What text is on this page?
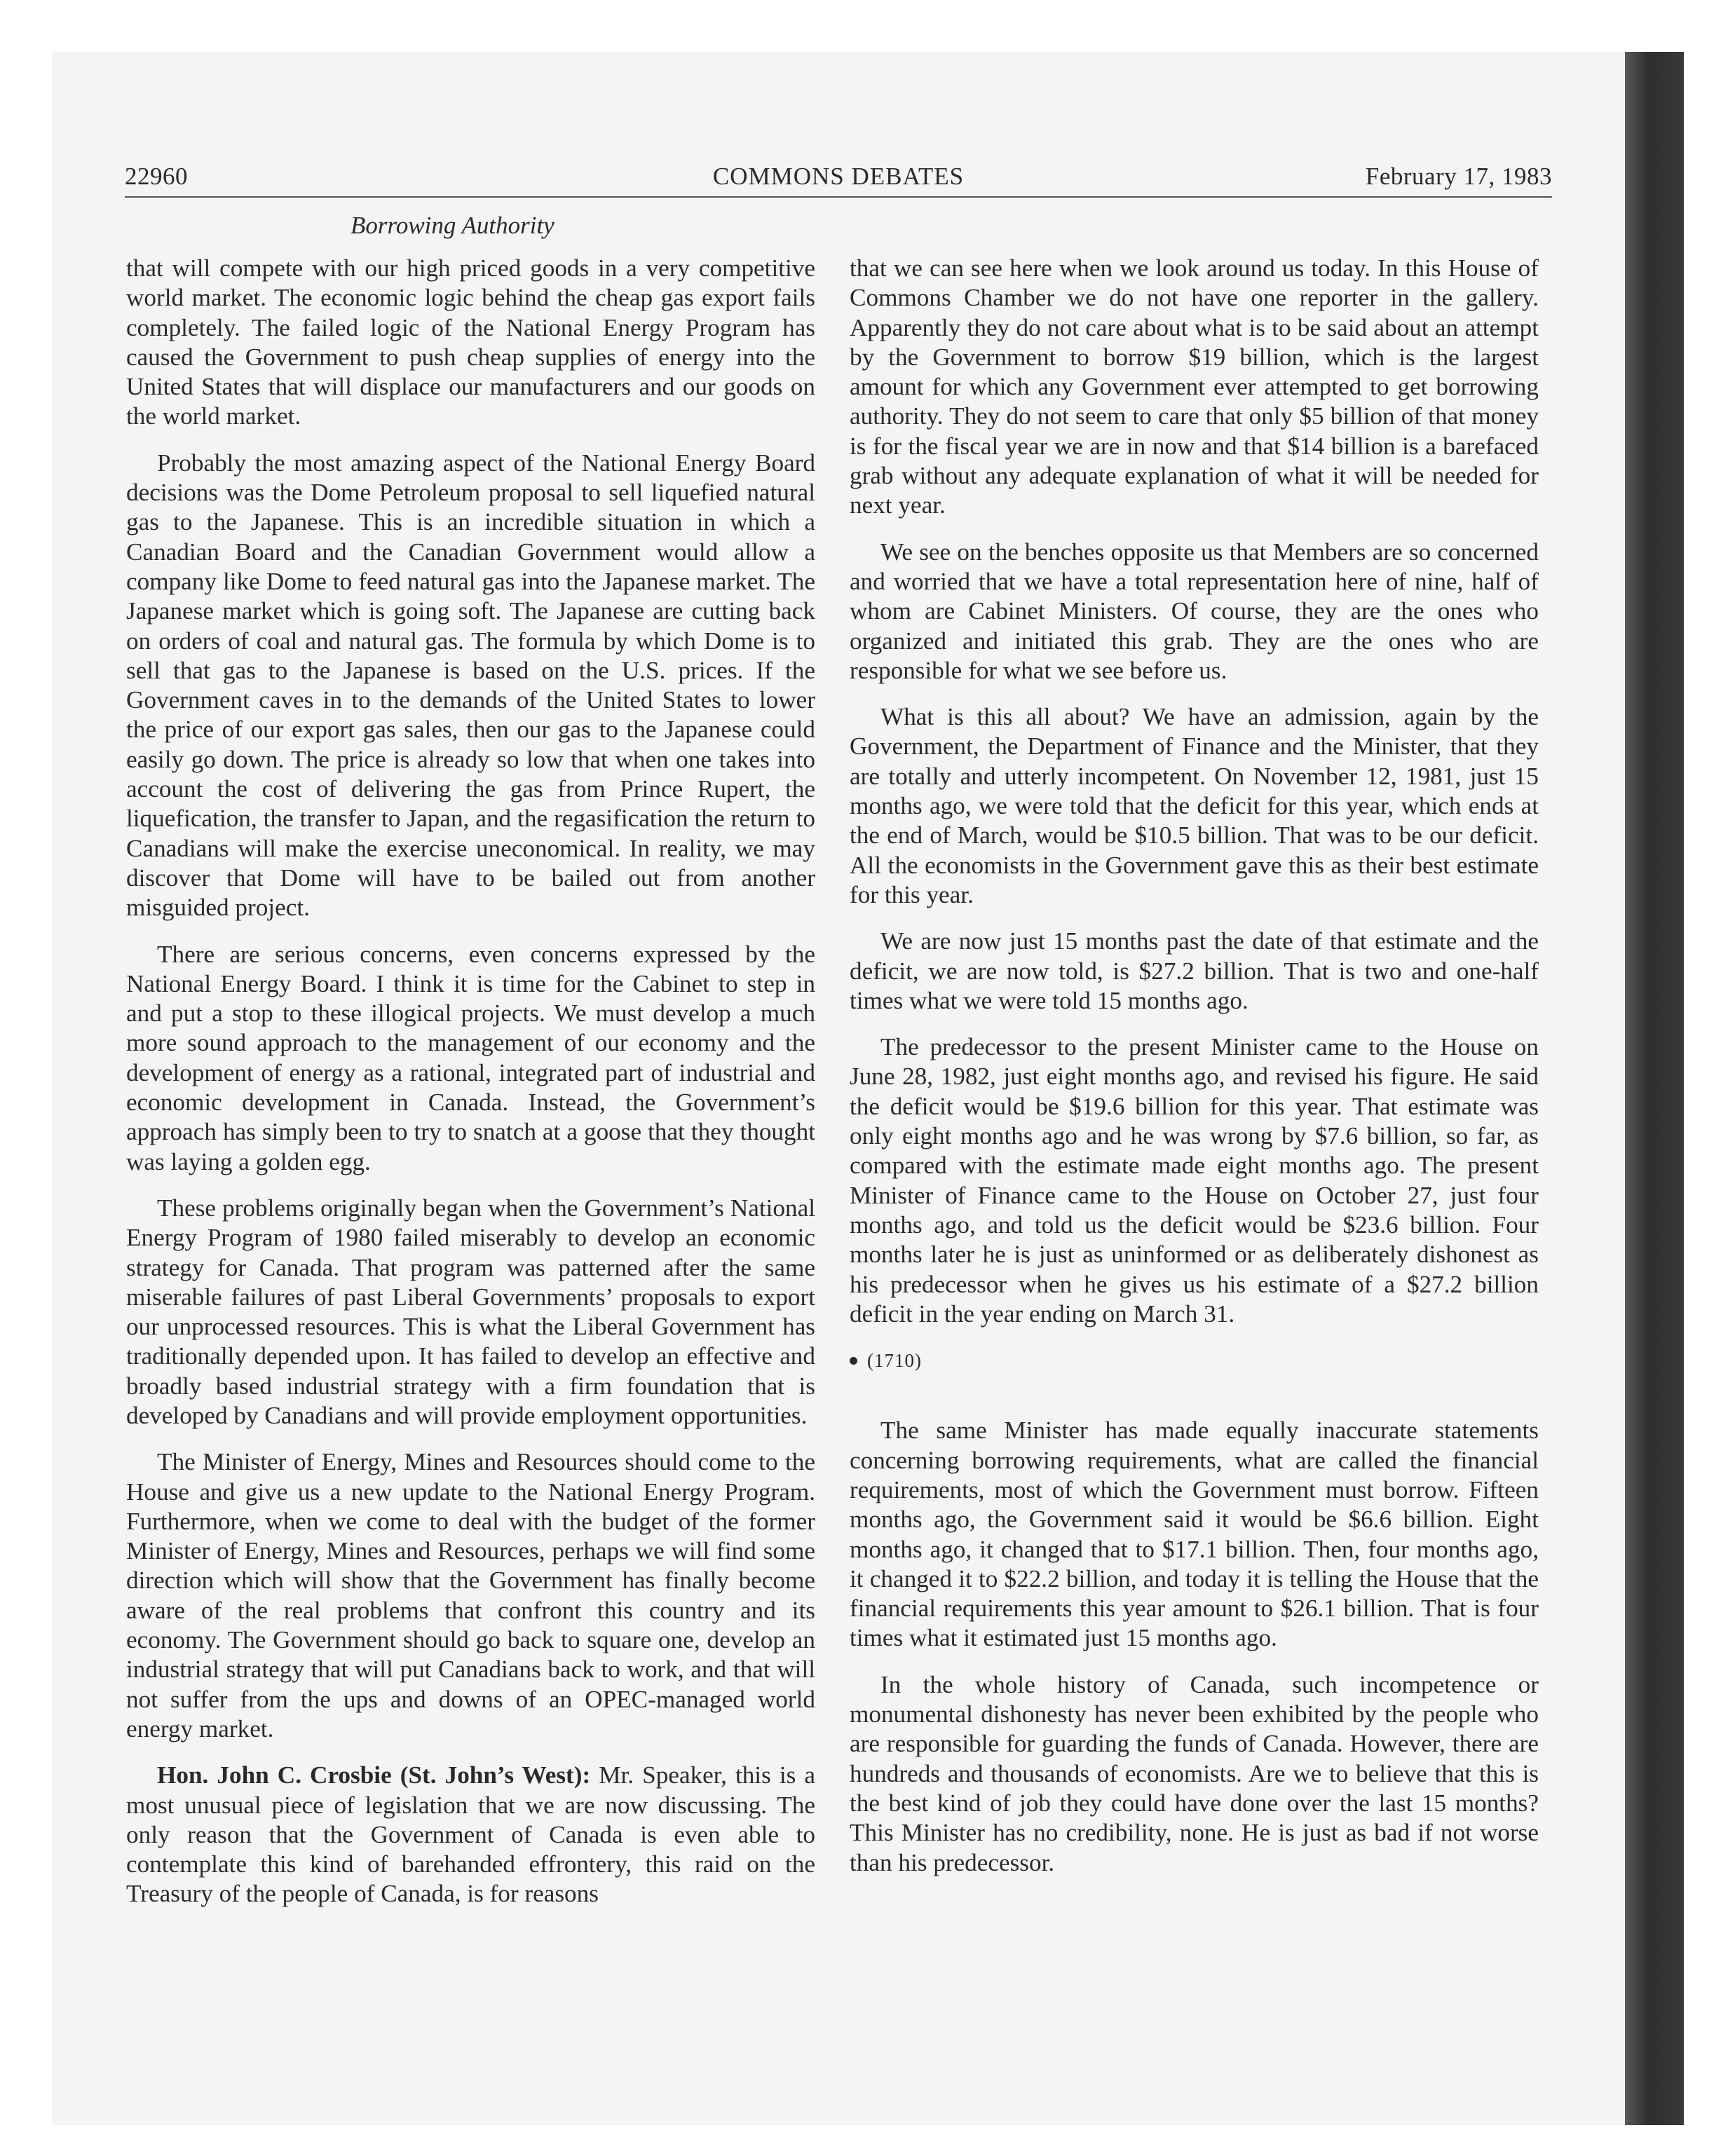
22960	COMMONS DEBATES	February 17, 1983
Borrowing Authority

that will compete with our high priced goods in a very competitive world market. The economic logic behind the cheap gas export fails completely. The failed logic of the National Energy Program has caused the Government to push cheap supplies of energy into the United States that will displace our manufacturers and our goods on the world market.

Probably the most amazing aspect of the National Energy Board decisions was the Dome Petroleum proposal to sell liquefied natural gas to the Japanese. This is an incredible situation in which a Canadian Board and the Canadian Government would allow a company like Dome to feed natural gas into the Japanese market. The Japanese market which is going soft. The Japanese are cutting back on orders of coal and natural gas. The formula by which Dome is to sell that gas to the Japanese is based on the U.S. prices. If the Government caves in to the demands of the United States to lower the price of our export gas sales, then our gas to the Japanese could easily go down. The price is already so low that when one takes into account the cost of delivering the gas from Prince Rupert, the liquefication, the transfer to Japan, and the regasification the return to Canadians will make the exercise uneconomical. In reality, we may discover that Dome will have to be bailed out from another misguided project.

There are serious concerns, even concerns expressed by the National Energy Board. I think it is time for the Cabinet to step in and put a stop to these illogical projects. We must develop a much more sound approach to the management of our economy and the development of energy as a rational, integrated part of industrial and economic development in Canada. Instead, the Government’s approach has simply been to try to snatch at a goose that they thought was laying a golden egg.

These problems originally began when the Government’s National Energy Program of 1980 failed miserably to develop an economic strategy for Canada. That program was patterned after the same miserable failures of past Liberal Governments’ proposals to export our unprocessed resources. This is what the Liberal Government has traditionally depended upon. It has failed to develop an effective and broadly based industrial strategy with a firm foundation that is developed by Canadians and will provide employment opportunities.

The Minister of Energy, Mines and Resources should come to the House and give us a new update to the National Energy Program. Furthermore, when we come to deal with the budget of the former Minister of Energy, Mines and Resources, perhaps we will find some direction which will show that the Government has finally become aware of the real problems that confront this country and its economy. The Government should go back to square one, develop an industrial strategy that will put Canadians back to work, and that will not suffer from the ups and downs of an OPEC-managed world energy market.

Hon. John C. Crosbie (St. John’s West): Mr. Speaker, this is a most unusual piece of legislation that we are now discussing. The only reason that the Government of Canada is even able to contemplate this kind of barehanded effrontery, this raid on the Treasury of the people of Canada, is for reasons

that we can see here when we look around us today. In this House of Commons Chamber we do not have one reporter in the gallery. Apparently they do not care about what is to be said about an attempt by the Government to borrow $19 billion, which is the largest amount for which any Government ever attempted to get borrowing authority. They do not seem to care that only $5 billion of that money is for the fiscal year we are in now and that $14 billion is a barefaced grab without any adequate explanation of what it will be needed for next year.

We see on the benches opposite us that Members are so concerned and worried that we have a total representation here of nine, half of whom are Cabinet Ministers. Of course, they are the ones who organized and initiated this grab. They are the ones who are responsible for what we see before us.

What is this all about? We have an admission, again by the Government, the Department of Finance and the Minister, that they are totally and utterly incompetent. On November 12, 1981, just 15 months ago, we were told that the deficit for this year, which ends at the end of March, would be $10.5 billion. That was to be our deficit. All the economists in the Government gave this as their best estimate for this year.

We are now just 15 months past the date of that estimate and the deficit, we are now told, is $27.2 billion. That is two and one-half times what we were told 15 months ago.

The predecessor to the present Minister came to the House on June 28, 1982, just eight months ago, and revised his figure. He said the deficit would be $19.6 billion for this year. That estimate was only eight months ago and he was wrong by $7.6 billion, so far, as compared with the estimate made eight months ago. The present Minister of Finance came to the House on October 27, just four months ago, and told us the deficit would be $23.6 billion. Four months later he is just as uninformed or as deliberately dishonest as his predecessor when he gives us his estimate of a $27.2 billion deficit in the year ending on March 31.

(1710)

The same Minister has made equally inaccurate statements concerning borrowing requirements, what are called the financial requirements, most of which the Government must borrow. Fifteen months ago, the Government said it would be $6.6 billion. Eight months ago, it changed that to $17.1 billion. Then, four months ago, it changed it to $22.2 billion, and today it is telling the House that the financial requirements this year amount to $26.1 billion. That is four times what it estimated just 15 months ago.

In the whole history of Canada, such incompetence or monumental dishonesty has never been exhibited by the people who are responsible for guarding the funds of Canada. However, there are hundreds and thousands of economists. Are we to believe that this is the best kind of job they could have done over the last 15 months? This Minister has no credibility, none. He is just as bad if not worse than his predecessor.
